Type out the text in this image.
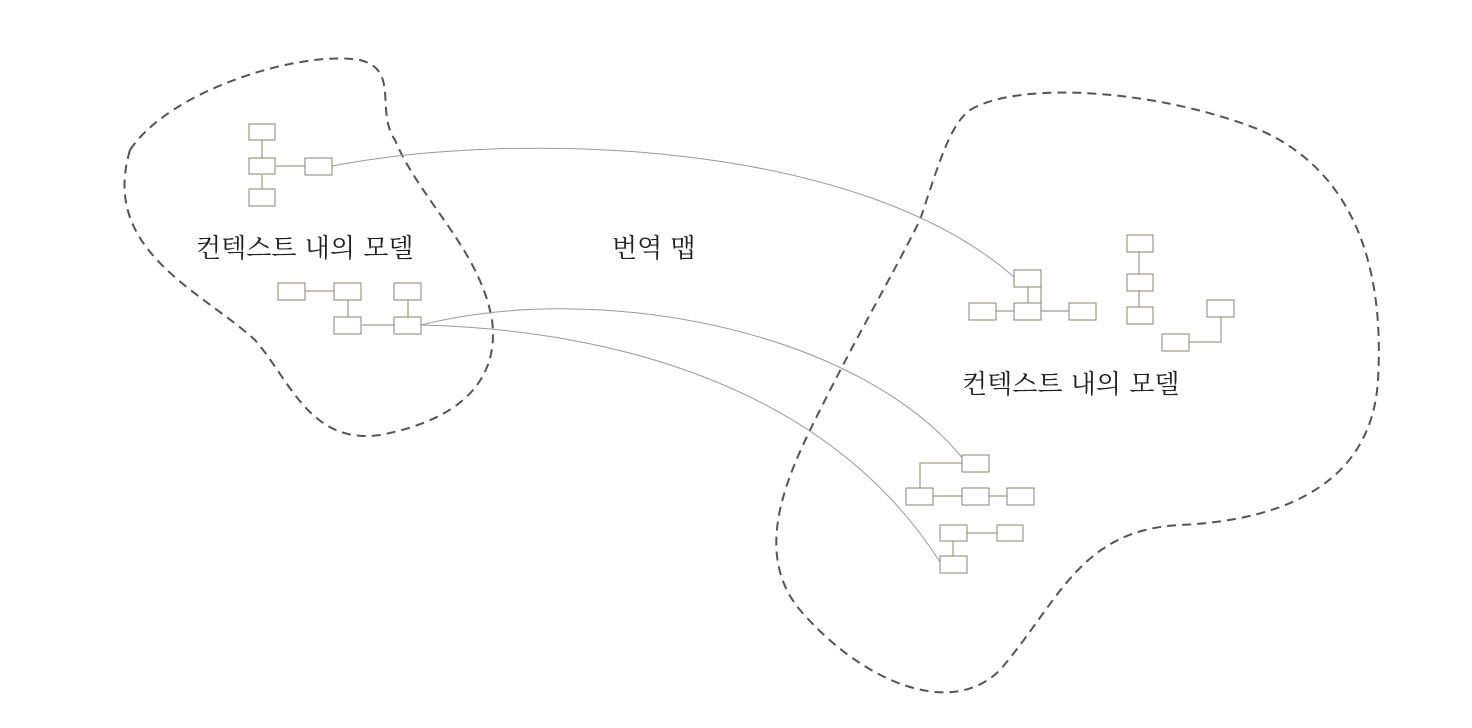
컨텍스트 내의 모델	번역 맵
컨텍스트 내의 모델
